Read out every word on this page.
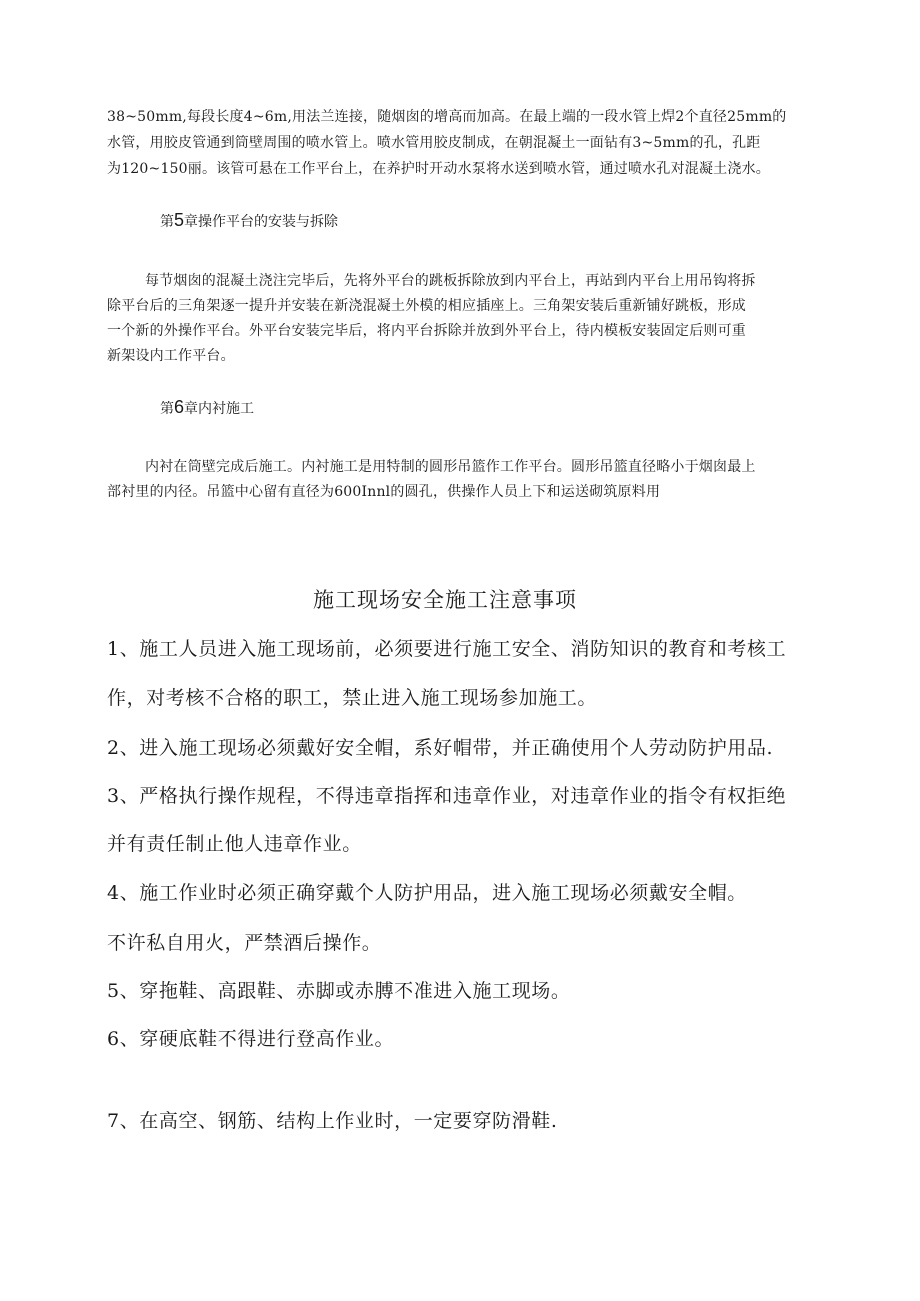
38~50mm,每段长度4~6m,用法兰连接，随烟囱的增高而加高。在最上端的一段水管上焊2个直径25mm的
水管，用胶皮管通到筒壁周围的喷水管上。喷水管用胶皮制成，在朝混凝土一面钻有3~5mm的孔，孔距
为120~150丽。该管可悬在工作平台上，在养护时开动水泵将水送到喷水管，通过喷水孔对混凝土浇水。
第5章操作平台的安装与拆除
每节烟囱的混凝土浇注完毕后，先将外平台的跳板拆除放到内平台上，再站到内平台上用吊钩将拆
除平台后的三角架逐一提升并安装在新浇混凝土外模的相应插座上。三角架安装后重新铺好跳板，形成
一个新的外操作平台。外平台安装完毕后，将内平台拆除并放到外平台上，待内模板安装固定后则可重
新架设内工作平台。
第6章内衬施工
内衬在筒壁完成后施工。内衬施工是用特制的圆形吊篮作工作平台。圆形吊篮直径略小于烟囱最上
部衬里的内径。吊篮中心留有直径为600Innl的圆孔，供操作人员上下和运送砌筑原料用
施工现场安全施工注意事项
1、施工人员进入施工现场前，必须要进行施工安全、消防知识的教育和考核工
作，对考核不合格的职工，禁止进入施工现场参加施工。
2、进入施工现场必须戴好安全帽，系好帽带，并正确使用个人劳动防护用品.
3、严格执行操作规程，不得违章指挥和违章作业，对违章作业的指令有权拒绝
并有责任制止他人违章作业。
4、施工作业时必须正确穿戴个人防护用品，进入施工现场必须戴安全帽。
不许私自用火，严禁酒后操作。
5、穿拖鞋、高跟鞋、赤脚或赤膊不准进入施工现场。
6、穿硬底鞋不得进行登高作业。
7、在高空、钢筋、结构上作业时，一定要穿防滑鞋.
